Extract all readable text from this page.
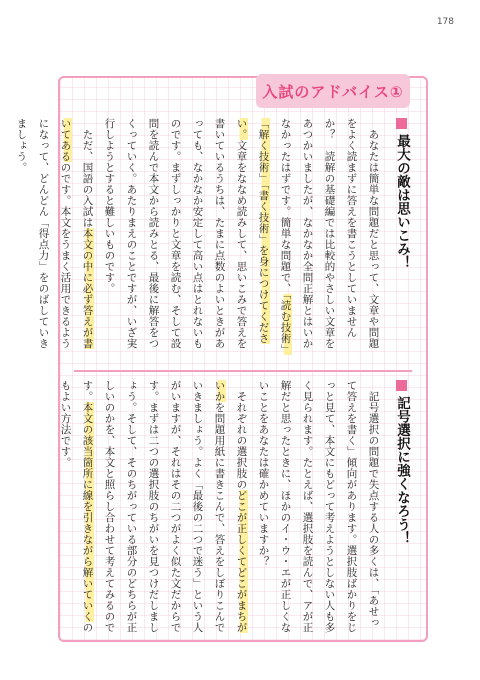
178
入試のアドバイス①
最大の敵は思いこみ！
　あなたは簡単な問題だと思って、文章や問題をよく読まずに答えを書こうとしていませんか？　読解の基礎編では比較的やさしい文章をあつかいましたが、なかなか全問正解とはいかなかったはずです。簡単な問題で、「読む技術」「解く技術」「書く技術」を身につけてください。文章をななめ読みして、思いこみで答えを書いているうちは、たまに点数のよいときがあっても、なかなか安定して高い点はとれないものです。まずしっかりと文章を読む、そして設問を読んで本文から読みとる、最後に解答をつくっていく。あたりまえのことですが、いざ実行しようとすると難しいものです。
　ただ、国語の入試は本文の中に必ず答えが書いてあるのです。本文をうまく活用できるようになって、どんどん「得点力」をのばしていきましょう。
記号選択に強くなろう！
　記号選択の問題で失点する人の多くは、「あせって答えを書く」傾向があります。選択肢ばかりをじっと見て、本文にもどって考えようとしない人も多く見られます。たとえば、選択肢を読んで、アが正解だと思ったときに、ほかのイ・ウ・エが正しくないことをあなたは確かめていますか？
　それぞれの選択肢のどこが正しくてどこがまちがいかを問題用紙に書きこんで、答えをしぼりこんでいきましょう。よく「最後の二つで迷う」という人がいますが、それはその二つがよく似た文だからです。まずは二つの選択肢のちがいを見つけだしましょう。そして、そのちがっている部分のどちらが正しいのかを、本文と照らし合わせて考えてみるのです。本文の該当箇所に線を引きながら解いていくのもよい方法です。
